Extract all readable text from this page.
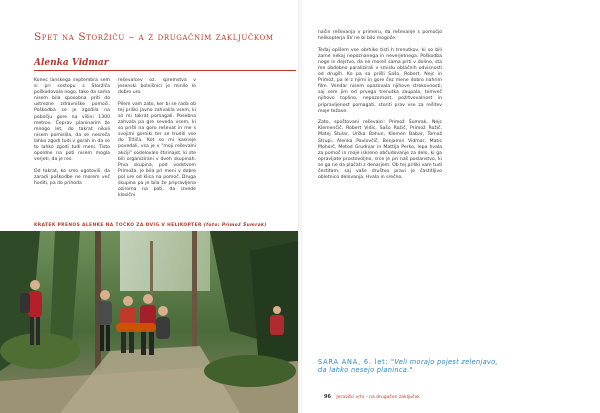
Spet na Storžiču – a z drugačnim zaključkom
Alenka Vidmar

Konec lanskega septembra sem si pri sestopu s Storžiča poškodovala nogo, tako da sama nisem bila sposobna priti do ustrezne zdravniške pomoči. Poškodba se je zgodila na pobočju gore na višini 1300 metrov. Čeprav planinarim že mnogo let, do takrat nikoli nisem pomislila, da se nesreča lahko zgodi tudi v gorah in da se to lahko zgodi tudi meni. Tisto opoldne na poti nisem mogla verjeti, da je res.

Od takrat, ko smo ugotovili, da zaradi poškodbe ne morem več hoditi, pa do prihoda

reševalcev oz. spremstva v jesenski bolnišnici je minilo le dobro uro.

Pilem vam zato, ker bi se rada ob tej priliki javno zahvalila vsem, ki so mi takrat pomagali. Posebna zahvala pa gre seveda vsem, ki so prišli na goro reševat in me s svojimi gorniki ter se trudili vse do Tržiča. Kot so mi kasneje povedali, vsa je v "moji reševalni akciji" sodelovalo štirinajst, ki ste bili organizirani v dveh skupinah. Prva skupina, pod vodstvom Primoža, je bila pri meni v dobre pol ure od klica na pomoč. Druga skupina pa je bila že pripravljena oziroma na poti, da izvede klasični

KRATEK PRENOS ALENKE NA TOČKO ZA DVIG V HELIKOPTER (foto: Primož Šumrak)

način reševanja v primeru, da reševanje s pomočjo helikopterja SV ne bi bilo mogoče.

Tedaj opišem vse obrhike tisti h trenutkov, ki so bili zame nekaj nepoznanega in neverjetnega. Poškodba noge in dejstvo, da ne moreš sama priti v dolino, sta me obdobno paralizirali v smislu oblačnih odvisnosti od drugih. Ko pa so prišli Sašo, Robert, Nejc in Primož, pa le z njimi in gore čez mene dobro nahrim film. Vendar nisem opazovala njihove strokovnosti, saj sem jim od prvega trenutka zaupala, temveč njihovo toplino, nepozornost, požrtvovalnost in pripravljenost pomagati, storiti prav vse za rešitev moje težave.

Zato, spoštovani reševalci: Primož Šumrak, Nejc Klemenčič, Robert Vidic, Sašo Rožič, Primož Rožič, Matej Štular, Urška Bahun, Klemen Babar, Tomaž Strupi, Alenka Pavlovčič, Benjamin Vidmar, Matic Mohorč, Metod Grudniar in Mattija Perko, lepa hvala za pomoč in moje iskreno občudovanje za delo, ki ga opravljate prostovoljno, srce je pri naš poslanstvo, ki se ga ne da plačati z denarjem. Ob tej priliki vam tudi čestitam, saj vaše društvo pravi je častitljivo obletnico delovanja. Hvala in srečno.

SARA ANA, 6. let: "Veli morajo pojest zelenjavo, da lahko nesejo planinca."
96 Jeravčki vrhi – na drugačen zaključek
